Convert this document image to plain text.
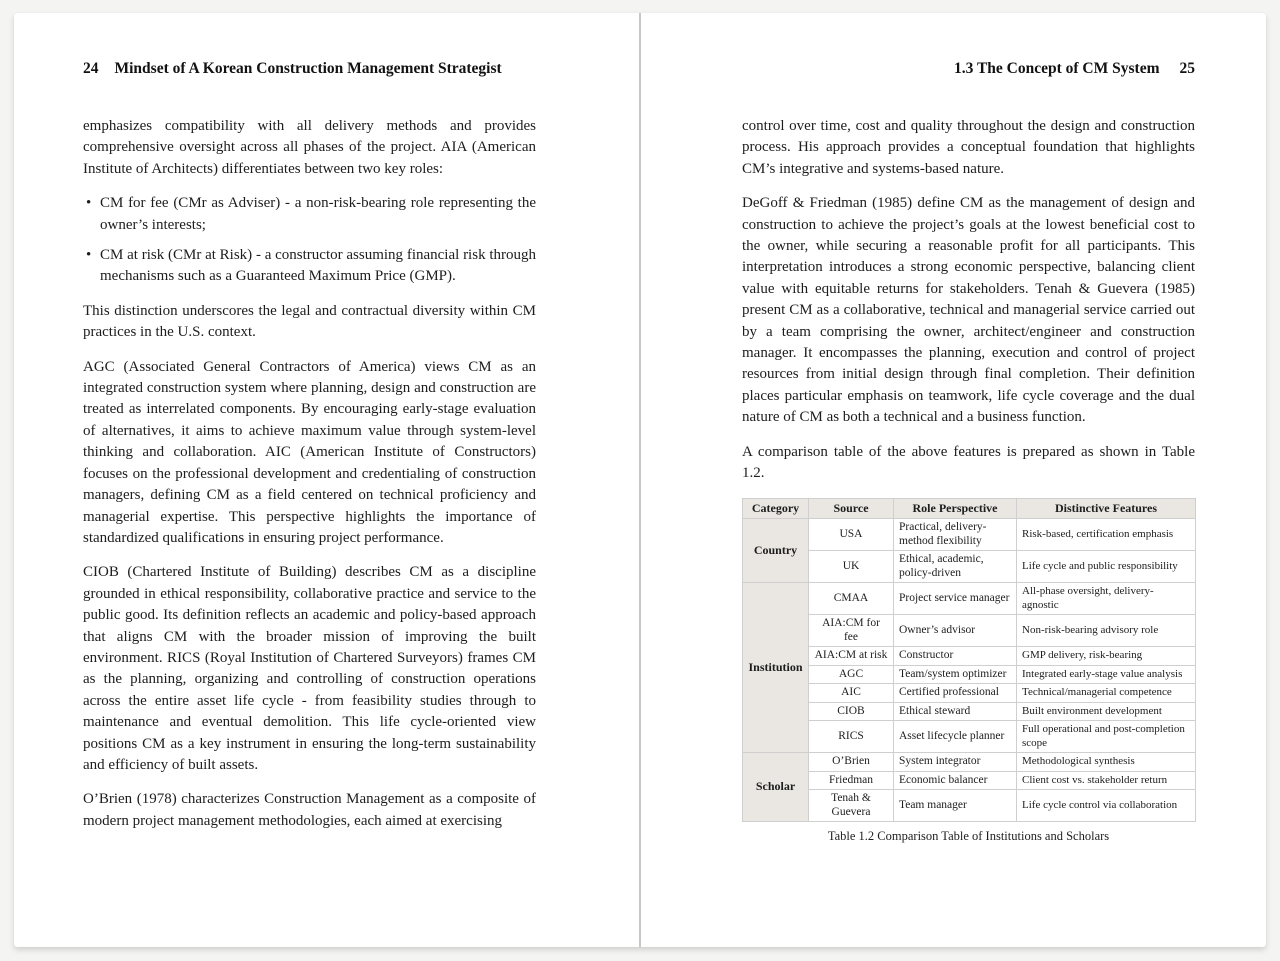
24 Mindset of A Korean Construction Management Strategist

emphasizes compatibility with all delivery methods and provides comprehensive oversight across all phases of the project. AIA (American Institute of Architects) differentiates between two key roles:

• CM for fee (CMr as Adviser) - a non-risk-bearing role representing the owner’s interests;
• CM at risk (CMr at Risk) - a constructor assuming financial risk through mechanisms such as a Guaranteed Maximum Price (GMP).

This distinction underscores the legal and contractual diversity within CM practices in the U.S. context.

AGC (Associated General Contractors of America) views CM as an integrated construction system where planning, design and construction are treated as interrelated components. By encouraging early-stage evaluation of alternatives, it aims to achieve maximum value through system-level thinking and collaboration. AIC (American Institute of Constructors) focuses on the professional development and credentialing of construction managers, defining CM as a field centered on technical proficiency and managerial expertise. This perspective highlights the importance of standardized qualifications in ensuring project performance.

CIOB (Chartered Institute of Building) describes CM as a discipline grounded in ethical responsibility, collaborative practice and service to the public good. Its definition reflects an academic and policy-based approach that aligns CM with the broader mission of improving the built environment. RICS (Royal Institution of Chartered Surveyors) frames CM as the planning, organizing and controlling of construction operations across the entire asset life cycle - from feasibility studies through to maintenance and eventual demolition. This life cycle-oriented view positions CM as a key instrument in ensuring the long-term sustainability and efficiency of built assets.

O’Brien (1978) characterizes Construction Management as a composite of modern project management methodologies, each aimed at exercising

1.3 The Concept of CM System 25

control over time, cost and quality throughout the design and construction process. His approach provides a conceptual foundation that highlights CM’s integrative and systems-based nature.

DeGoff & Friedman (1985) define CM as the management of design and construction to achieve the project’s goals at the lowest beneficial cost to the owner, while securing a reasonable profit for all participants. This interpretation introduces a strong economic perspective, balancing client value with equitable returns for stakeholders. Tenah & Guevera (1985) present CM as a collaborative, technical and managerial service carried out by a team comprising the owner, architect/engineer and construction manager. It encompasses the planning, execution and control of project resources from initial design through final completion. Their definition places particular emphasis on teamwork, life cycle coverage and the dual nature of CM as both a technical and a business function.

A comparison table of the above features is prepared as shown in Table 1.2.

Category	Source	Role Perspective	Distinctive Features
Country	USA	Practical, delivery-method flexibility	Risk-based, certification emphasis
	UK	Ethical, academic, policy-driven	Life cycle and public responsibility
Institution	CMAA	Project service manager	All-phase oversight, delivery-agnostic
	AIA:CM for fee	Owner’s advisor	Non-risk-bearing advisory role
	AIA:CM at risk	Constructor	GMP delivery, risk-bearing
	AGC	Team/system optimizer	Integrated early-stage value analysis
	AIC	Certified professional	Technical/managerial competence
	CIOB	Ethical steward	Built environment development
	RICS	Asset lifecycle planner	Full operational and post-completion scope
Scholar	O’Brien	System integrator	Methodological synthesis
	Friedman	Economic balancer	Client cost vs. stakeholder return
	Tenah & Guevera	Team manager	Life cycle control via collaboration
Table 1.2 Comparison Table of Institutions and Scholars
